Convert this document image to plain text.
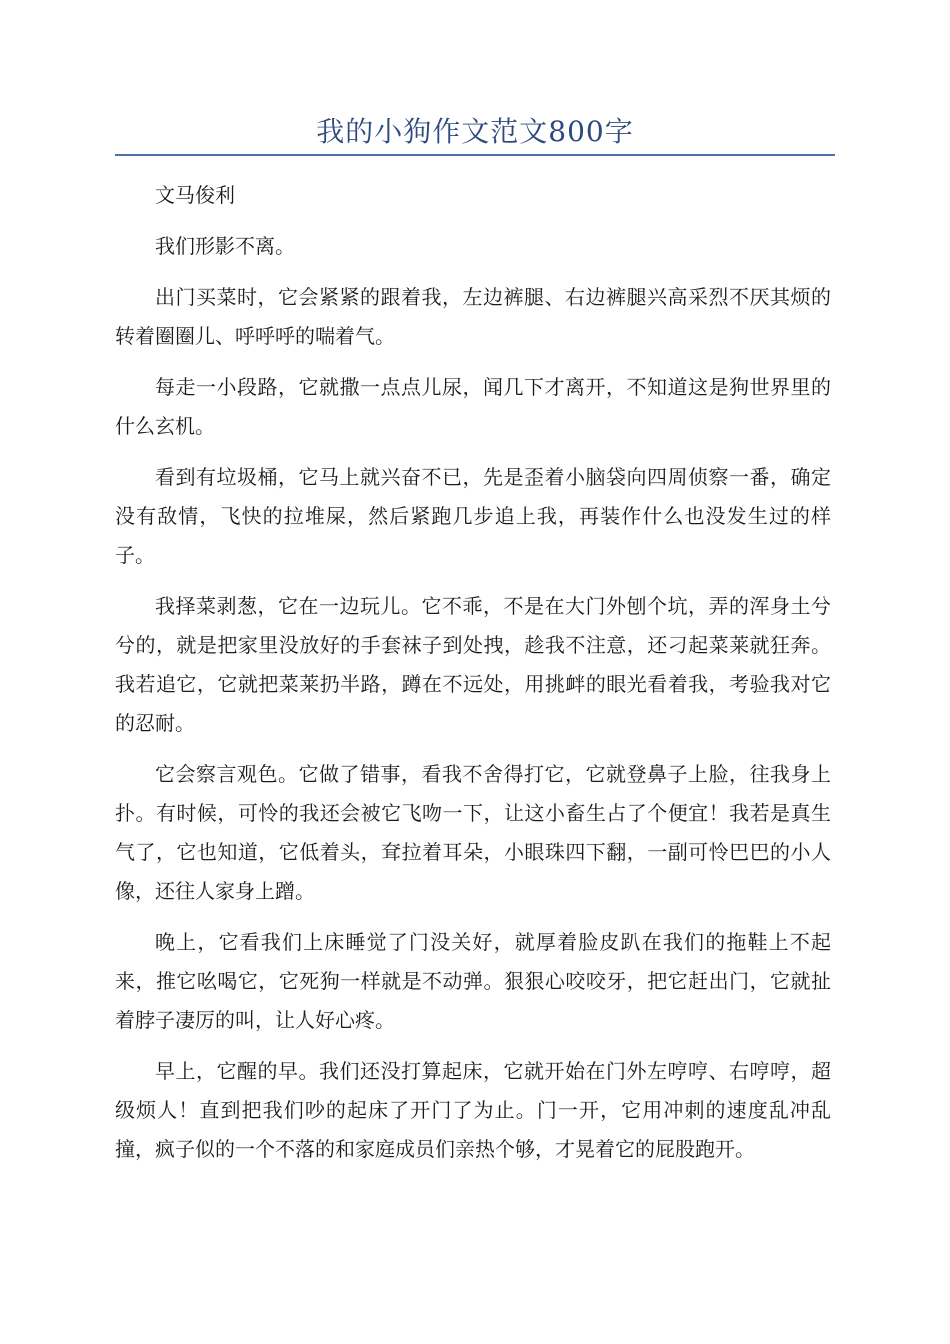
我的小狗作文范文800字

文马俊利

我们形影不离。

出门买菜时，它会紧紧的跟着我，左边裤腿、右边裤腿兴高采烈不厌其烦的转着圈圈儿、呼呼呼的喘着气。

每走一小段路，它就撒一点点儿尿，闻几下才离开，不知道这是狗世界里的什么玄机。

看到有垃圾桶，它马上就兴奋不已，先是歪着小脑袋向四周侦察一番，确定没有敌情，飞快的拉堆屎，然后紧跑几步追上我，再装作什么也没发生过的样子。

我择菜剥葱，它在一边玩儿。它不乖，不是在大门外刨个坑，弄的浑身土兮兮的，就是把家里没放好的手套袜子到处拽，趁我不注意，还刁起菜莱就狂奔。我若追它，它就把菜莱扔半路，蹲在不远处，用挑衅的眼光看着我，考验我对它的忍耐。

它会察言观色。它做了错事，看我不舍得打它，它就登鼻子上脸，往我身上扑。有时候，可怜的我还会被它飞吻一下，让这小畜生占了个便宜！我若是真生气了，它也知道，它低着头，耷拉着耳朵，小眼珠四下翻，一副可怜巴巴的小人像，还往人家身上蹭。

晚上，它看我们上床睡觉了门没关好，就厚着脸皮趴在我们的拖鞋上不起来，推它吆喝它，它死狗一样就是不动弹。狠狠心咬咬牙，把它赶出门，它就扯着脖子凄厉的叫，让人好心疼。

早上，它醒的早。我们还没打算起床，它就开始在门外左哼哼、右哼哼，超级烦人！直到把我们吵的起床了开门了为止。门一开，它用冲刺的速度乱冲乱撞，疯子似的一个不落的和家庭成员们亲热个够，才晃着它的屁股跑开。
